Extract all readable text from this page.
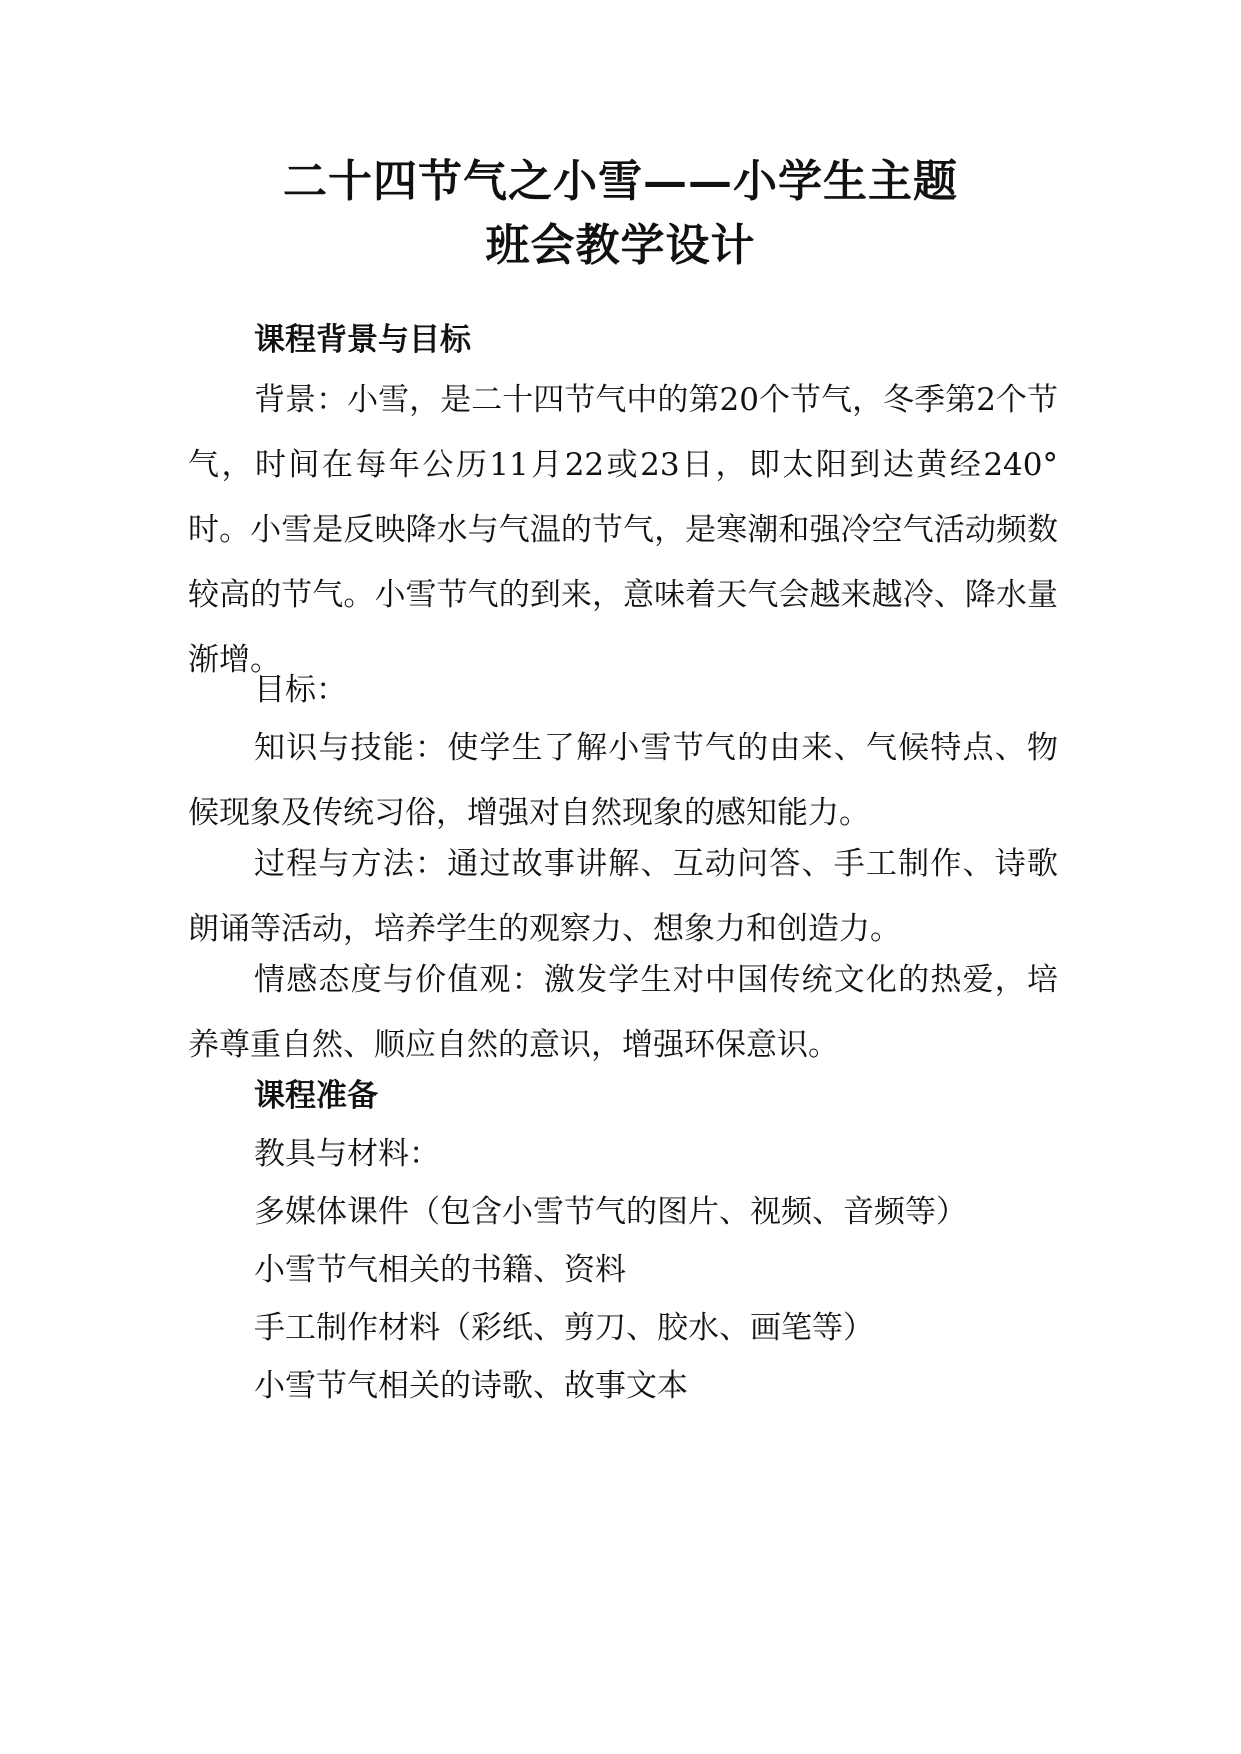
二十四节气之小雪——小学生主题
班会教学设计
课程背景与目标
背景：小雪，是二十四节气中的第20个节气，冬季第2个节气，时间在每年公历11月22或23日，即太阳到达黄经240°时。小雪是反映降水与气温的节气，是寒潮和强冷空气活动频数较高的节气。小雪节气的到来，意味着天气会越来越冷、降水量渐增。
目标：
知识与技能：使学生了解小雪节气的由来、气候特点、物候现象及传统习俗，增强对自然现象的感知能力。
过程与方法：通过故事讲解、互动问答、手工制作、诗歌朗诵等活动，培养学生的观察力、想象力和创造力。
情感态度与价值观：激发学生对中国传统文化的热爱，培养尊重自然、顺应自然的意识，增强环保意识。
课程准备
教具与材料：
多媒体课件（包含小雪节气的图片、视频、音频等）
小雪节气相关的书籍、资料
手工制作材料（彩纸、剪刀、胶水、画笔等）
小雪节气相关的诗歌、故事文本
